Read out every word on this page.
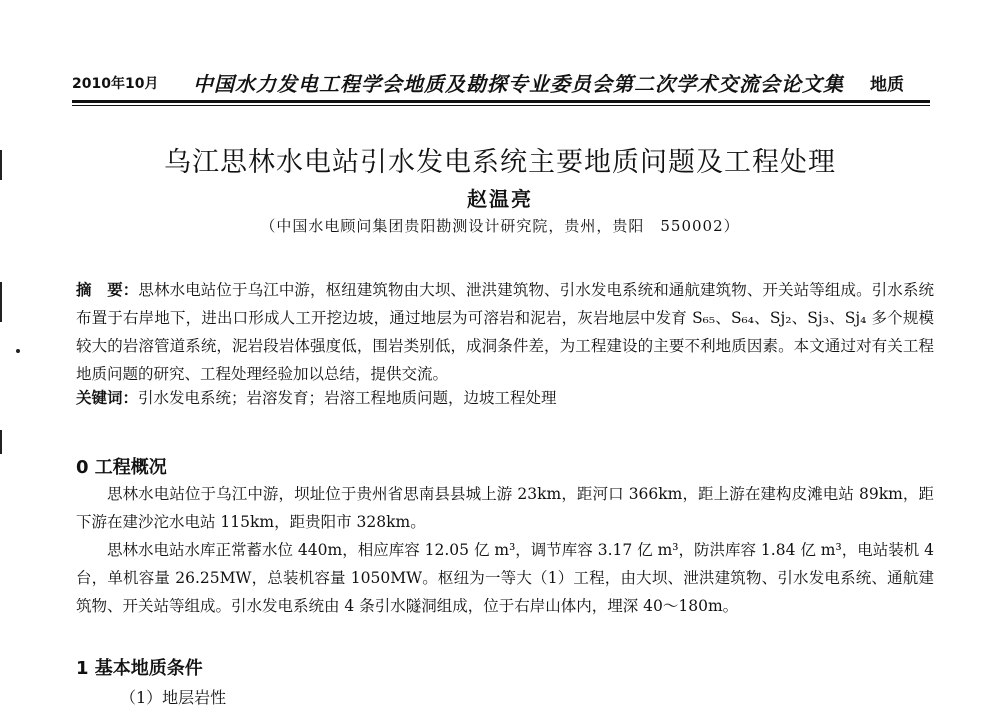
2010年10月 中国水力发电工程学会地质及勘探专业委员会第二次学术交流会论文集 地质
乌江思林水电站引水发电系统主要地质问题及工程处理
赵温亮
（中国水电顾问集团贵阳勘测设计研究院，贵州，贵阳　550002）
摘　要：思林水电站位于乌江中游，枢纽建筑物由大坝、泄洪建筑物、引水发电系统和通航建筑物、开关站等组成。引水系统布置于右岸地下，进出口形成人工开挖边坡，通过地层为可溶岩和泥岩，灰岩地层中发育 S₆₅、S₆₄、Sj₂、Sj₃、Sj₄ 多个规模较大的岩溶管道系统，泥岩段岩体强度低，围岩类别低，成洞条件差，为工程建设的主要不利地质因素。本文通过对有关工程地质问题的研究、工程处理经验加以总结，提供交流。
关键词：引水发电系统；岩溶发育；岩溶工程地质问题，边坡工程处理
0 工程概况
思林水电站位于乌江中游，坝址位于贵州省思南县县城上游 23km，距河口 366km，距上游在建构皮滩电站 89km，距下游在建沙沱水电站 115km，距贵阳市 328km。
思林水电站水库正常蓄水位 440m，相应库容 12.05 亿 m³，调节库容 3.17 亿 m³，防洪库容 1.84 亿 m³，电站装机 4 台，单机容量 26.25MW，总装机容量 1050MW。枢纽为一等大（1）工程，由大坝、泄洪建筑物、引水发电系统、通航建筑物、开关站等组成。引水发电系统由 4 条引水隧洞组成，位于右岸山体内，埋深 40～180m。
1 基本地质条件
（1）地层岩性
